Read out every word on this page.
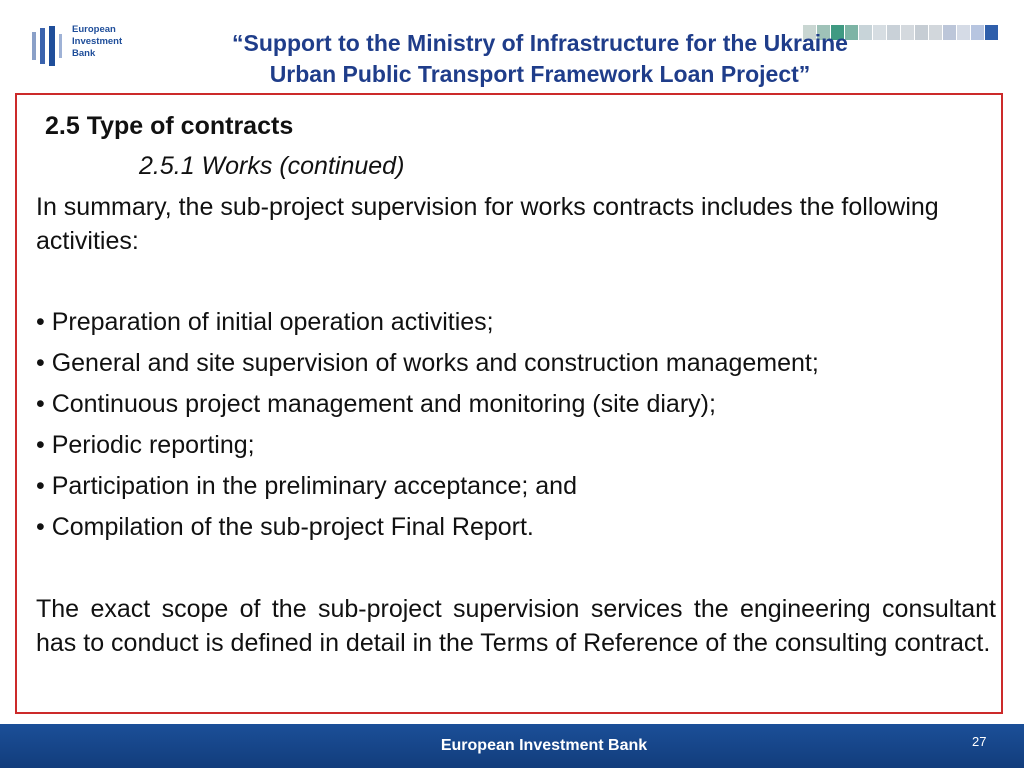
European
Investment
Bank	“Support to the Ministry of Infrastructure for the Ukraine
Urban Public Transport Framework Loan Project”
2.5 Type of contracts
2.5.1 Works (continued)
In summary, the sub-project supervision for works contracts includes the following activities:
• Preparation of initial operation activities;
• General and site supervision of works and construction management;
• Continuous project management and monitoring (site diary);
• Periodic reporting;
• Participation in the preliminary acceptance; and
• Compilation of the sub-project Final Report.
The exact scope of the sub-project supervision services the engineering consultant has to conduct is defined in detail in the Terms of Reference of the consulting contract.
European Investment Bank	27
